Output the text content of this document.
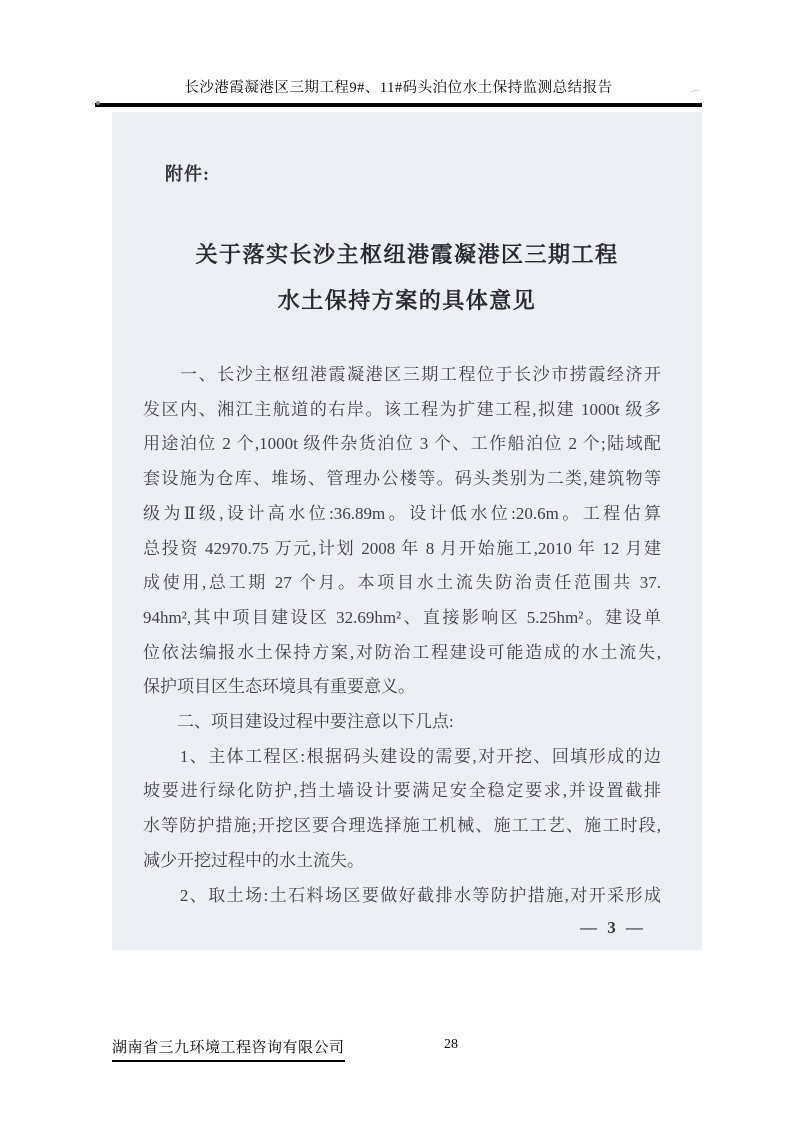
长沙港霞凝港区三期工程9#、11#码头泊位水土保持监测总结报告
附件:
关于落实长沙主枢纽港霞凝港区三期工程
水土保持方案的具体意见
　　一、长沙主枢纽港霞凝港区三期工程位于长沙市捞霞经济开
发区内、湘江主航道的右岸。该工程为扩建工程,拟建 1000t 级多
用途泊位 2 个,1000t 级件杂货泊位 3 个、工作船泊位 2 个;陆域配
套设施为仓库、堆场、管理办公楼等。码头类别为二类,建筑物等
级为Ⅱ级,设计高水位:36.89m。设计低水位:20.6m。工程估算
总投资 42970.75 万元,计划 2008 年 8 月开始施工,2010 年 12 月建
成使用,总工期 27 个月。本项目水土流失防治责任范围共 37.
94hm²,其中项目建设区 32.69hm²、直接影响区 5.25hm²。建设单
位依法编报水土保持方案,对防治工程建设可能造成的水土流失,
保护项目区生态环境具有重要意义。
　　二、项目建设过程中要注意以下几点:
　　1、主体工程区:根据码头建设的需要,对开挖、回填形成的边
坡要进行绿化防护,挡土墙设计要满足安全稳定要求,并设置截排
水等防护措施;开挖区要合理选择施工机械、施工工艺、施工时段,
减少开挖过程中的水土流失。
　　2、取土场:土石料场区要做好截排水等防护措施,对开采形成
— 3 —
湖南省三九环境工程咨询有限公司	28
